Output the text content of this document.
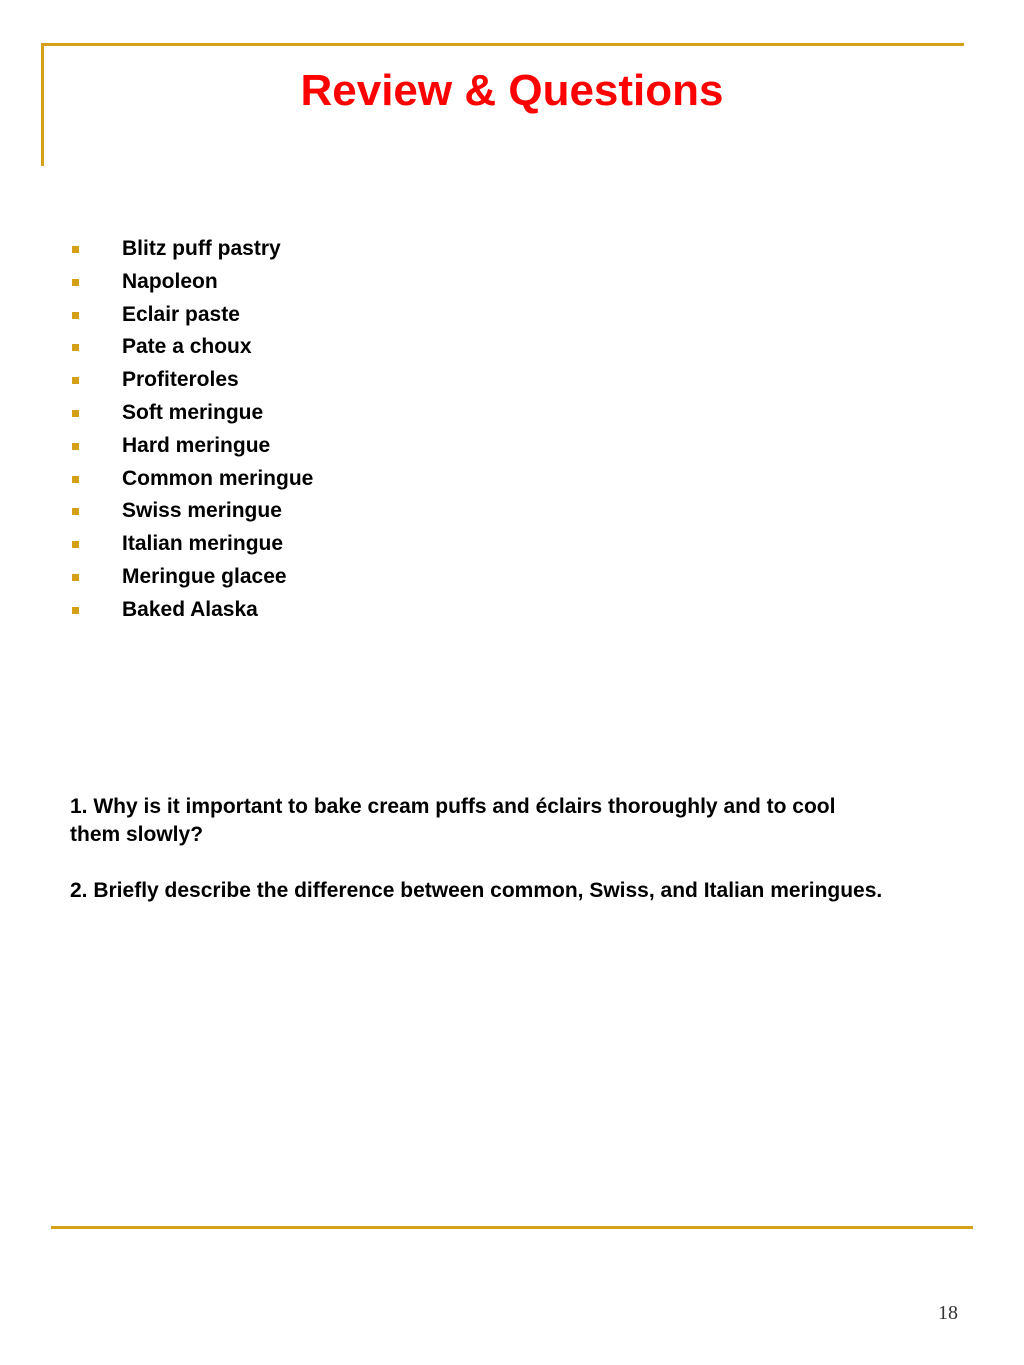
Review & Questions
Blitz puff pastry
Napoleon
Eclair paste
Pate a choux
Profiteroles
Soft meringue
Hard meringue
Common meringue
Swiss meringue
Italian meringue
Meringue glacee
Baked Alaska

1. Why is it important to bake cream puffs and éclairs thoroughly and to cool them slowly?

2. Briefly describe the difference between common, Swiss, and Italian meringues.

18
